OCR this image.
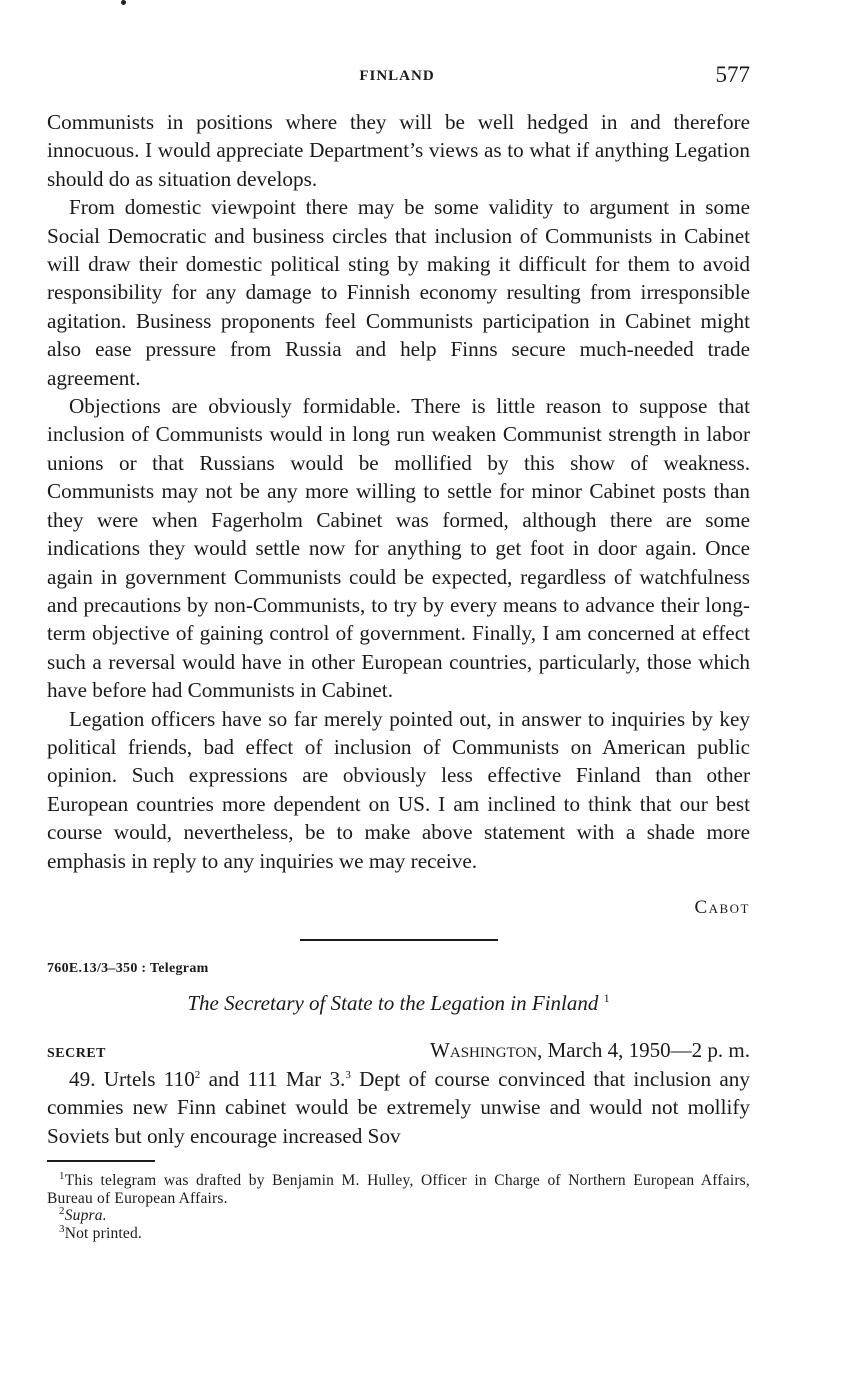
FINLAND	577

Communists in positions where they will be well hedged in and therefore innocuous. I would appreciate Department’s views as to what if anything Legation should do as situation develops.

From domestic viewpoint there may be some validity to argument in some Social Democratic and business circles that inclusion of Communists in Cabinet will draw their domestic political sting by making it difficult for them to avoid responsibility for any damage to Finnish economy resulting from irresponsible agitation. Business proponents feel Communists participation in Cabinet might also ease pressure from Russia and help Finns secure much-needed trade agreement.

Objections are obviously formidable. There is little reason to suppose that inclusion of Communists would in long run weaken Communist strength in labor unions or that Russians would be mollified by this show of weakness. Communists may not be any more willing to settle for minor Cabinet posts than they were when Fagerholm Cabinet was formed, although there are some indications they would settle now for anything to get foot in door again. Once again in government Communists could be expected, regardless of watchfulness and precautions by non-Communists, to try by every means to advance their long-term objective of gaining control of government. Finally, I am concerned at effect such a reversal would have in other European countries, particularly, those which have before had Communists in Cabinet.

Legation officers have so far merely pointed out, in answer to inquiries by key political friends, bad effect of inclusion of Communists on American public opinion. Such expressions are obviously less effective Finland than other European countries more dependent on US. I am inclined to think that our best course would, nevertheless, be to make above statement with a shade more emphasis in reply to any inquiries we may receive.

Cabot

760E.13/3–350 : Telegram

The Secretary of State to the Legation in Finland $^1$

SECRET	Washington, March 4, 1950—2 p. m.

49. Urtels $110^2$ and 111 Mar 3.$^3$ Dept of course convinced that inclusion any commies new Finn cabinet would be extremely unwise and would not mollify Soviets but only encourage increased Sov

$^1$This telegram was drafted by Benjamin M. Hulley, Officer in Charge of Northern European Affairs, Bureau of European Affairs.

$^2$Supra.

$^3$Not printed.
